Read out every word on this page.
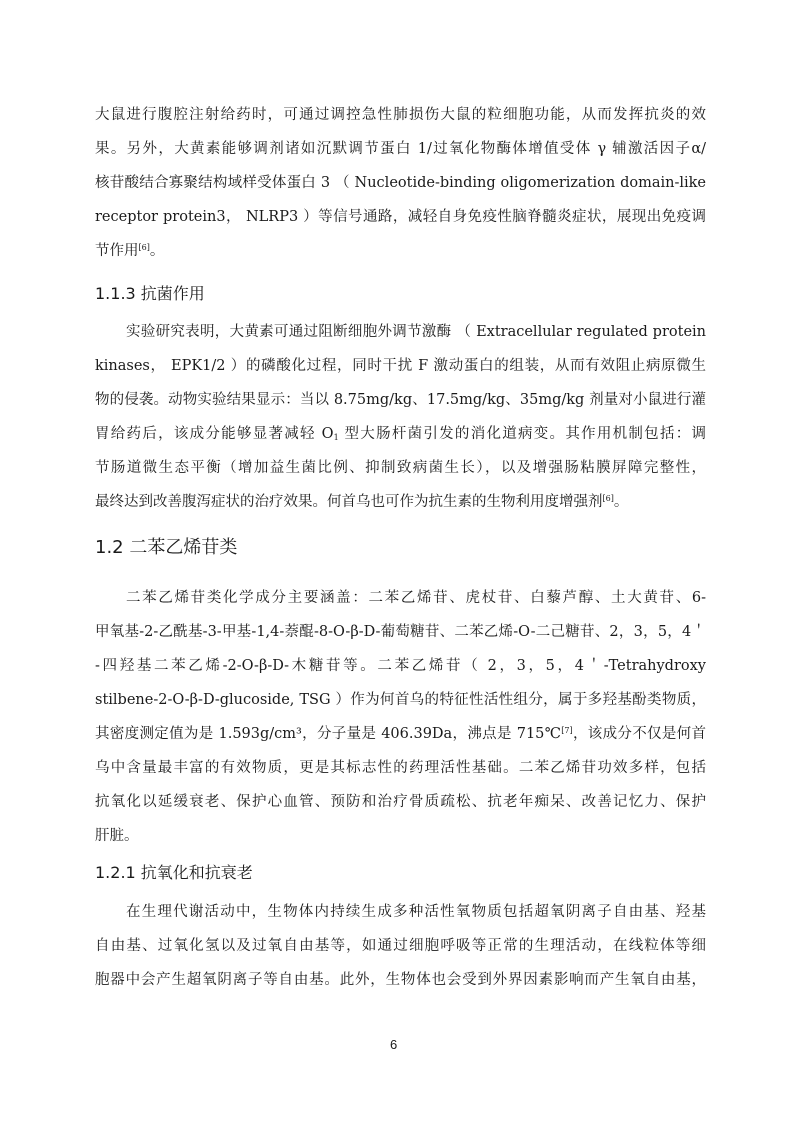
大鼠进行腹腔注射给药时，可通过调控急性肺损伤大鼠的粒细胞功能，从而发挥抗炎的效
果。另外，大黄素能够调剂诸如沉默调节蛋白 1/过氧化物酶体增值受体 γ 辅激活因子α/
核苷酸结合寡聚结构域样受体蛋白 3 （ Nucleotide-binding oligomerization domain-like
receptor protein3， NLRP3 ）等信号通路，减轻自身免疫性脑脊髓炎症状，展现出免疫调
节作用[6]。
1.1.3 抗菌作用
实验研究表明，大黄素可通过阻断细胞外调节激酶 （ Extracellular regulated protein
kinases， EPK1/2 ）的磷酸化过程，同时干扰 F 激动蛋白的组装，从而有效阻止病原微生
物的侵袭。动物实验结果显示：当以 8.75mg/kg、17.5mg/kg、35mg/kg 剂量对小鼠进行灌
胃给药后，该成分能够显著减轻 $O_1$ 型大肠杆菌引发的消化道病变。其作用机制包括：调
节肠道微生态平衡（增加益生菌比例、抑制致病菌生长），以及增强肠粘膜屏障完整性，
最终达到改善腹泻症状的治疗效果。何首乌也可作为抗生素的生物利用度增强剂[6]。
1.2 二苯乙烯苷类
二苯乙烯苷类化学成分主要涵盖：二苯乙烯苷、虎杖苷、白藜芦醇、土大黄苷、6-
甲氧基-2-乙酰基-3-甲基-1,4-萘醌-8-O-β-D-葡萄糖苷、二苯乙烯-O-二己糖苷、2，3，5，4＇
-四羟基二苯乙烯-2-O-β-D-木糖苷等。二苯乙烯苷（ 2，3，5，4＇-Tetrahydroxy
stilbene-2-O-β-D-glucoside, TSG ）作为何首乌的特征性活性组分，属于多羟基酚类物质，
其密度测定值为是 1.593g/cm³，分子量是 406.39Da，沸点是 715℃[7]，该成分不仅是何首
乌中含量最丰富的有效物质，更是其标志性的药理活性基础。二苯乙烯苷功效多样，包括
抗氧化以延缓衰老、保护心血管、预防和治疗骨质疏松、抗老年痴呆、改善记忆力、保护
肝脏。
1.2.1 抗氧化和抗衰老
在生理代谢活动中，生物体内持续生成多种活性氧物质包括超氧阴离子自由基、羟基
自由基、过氧化氢以及过氧自由基等，如通过细胞呼吸等正常的生理活动，在线粒体等细
胞器中会产生超氧阴离子等自由基。此外，生物体也会受到外界因素影响而产生氧自由基，
6
